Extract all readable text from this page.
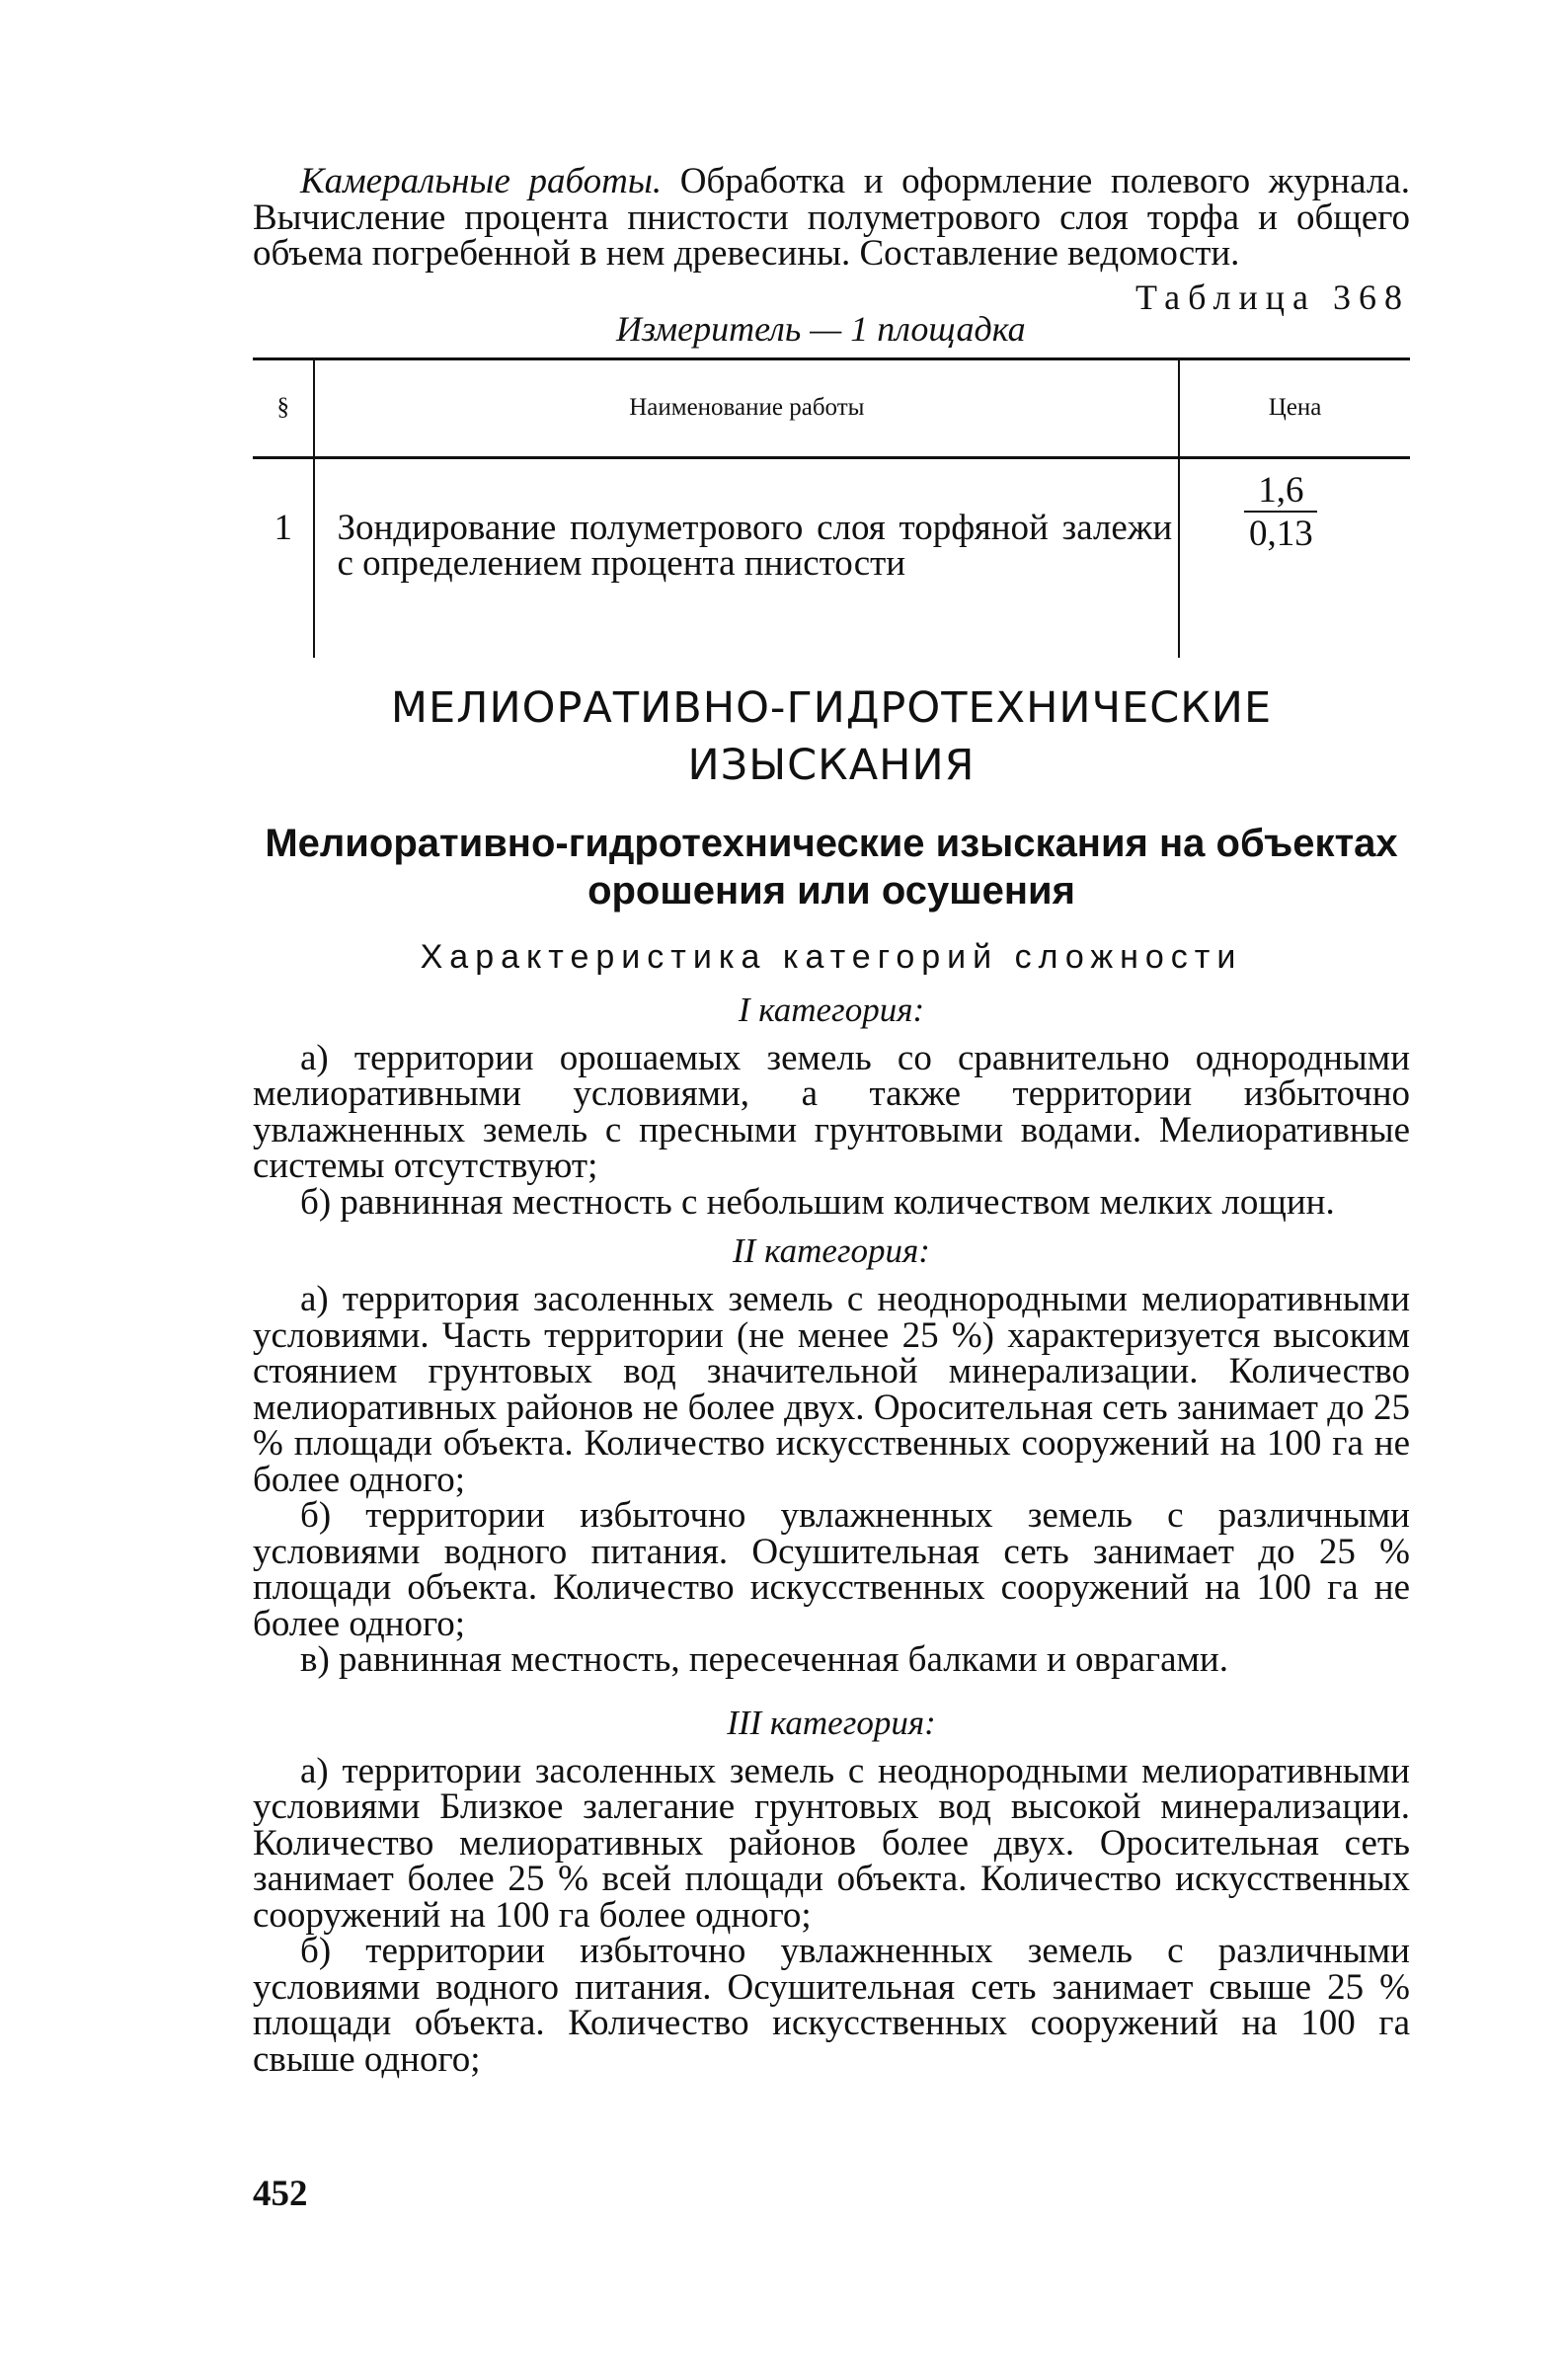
Камеральные работы. Обработка и оформление полевого журнала. Вычисление процента пнистости полуметрового слоя торфа и общего объема погребенной в нем древесины. Составление ведомости.

Таблица 368
Измеритель — 1 площадка
§	Наименование работы	Цена
1	Зондирование полуметрового слоя торфяной залежи с определением процента пнистости	$\frac{1,6}{0,13}$
МЕЛИОРАТИВНО-ГИДРОТЕХНИЧЕСКИЕ ИЗЫСКАНИЯ
Мелиоративно-гидротехнические изыскания на объектах орошения или осушения
Характеристика категорий сложности
I категория:

а) территории орошаемых земель со сравнительно однородными мелиоративными условиями, а также территории избыточно увлажненных земель с пресными грунтовыми водами. Мелиоративные системы отсутствуют;

б) равнинная местность с небольшим количеством мелких лощин.

II категория:

а) территория засоленных земель с неоднородными мелиоративными условиями. Часть территории (не менее 25 %) характеризуется высоким стоянием грунтовых вод значительной минерализации. Количество мелиоративных районов не более двух. Оросительная сеть занимает до 25 % площади объекта. Количество искусственных сооружений на 100 га не более одного;

б) территории избыточно увлажненных земель с различными условиями водного питания. Осушительная сеть занимает до 25 % площади объекта. Количество искусственных сооружений на 100 га не более одного;

в) равнинная местность, пересеченная балками и оврагами.

III категория:

а) территории засоленных земель с неоднородными мелиоративными условиями Близкое залегание грунтовых вод высокой минерализации. Количество мелиоративных районов более двух. Оросительная сеть занимает более 25 % всей площади объекта. Количество искусственных сооружений на 100 га более одного;

б) территории избыточно увлажненных земель с различными условиями водного питания. Осушительная сеть занимает свыше 25 % площади объекта. Количество искусственных сооружений на 100 га свыше одного;

452
